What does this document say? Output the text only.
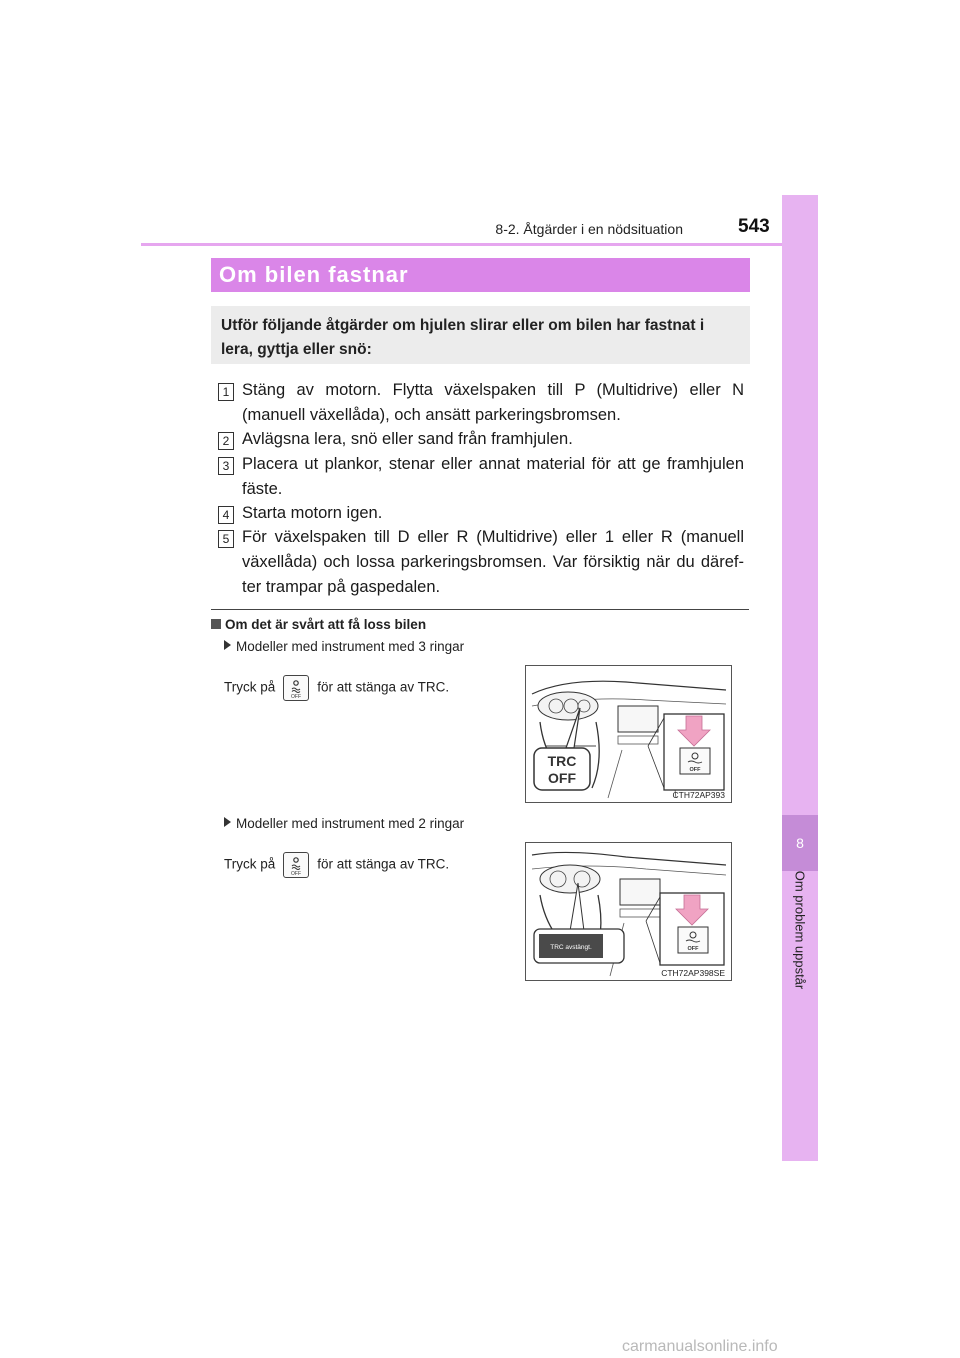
8-2. Åtgärder i en nödsituation	543
8
Om problem uppstår
Om bilen fastnar

Utför följande åtgärder om hjulen slirar eller om bilen har fastnat i lera, gyttja eller snö:

1 Stäng av motorn. Flytta växelspaken till P (Multidrive) eller N (manuell växellåda), och ansätt parkeringsbromsen.
2 Avlägsna lera, snö eller sand från framhjulen.
3 Placera ut plankor, stenar eller annat material för att ge framhjulen fäste.
4 Starta motorn igen.
5 För växelspaken till D eller R (Multidrive) eller 1 eller R (manuell växellåda) och lossa parkeringsbromsen. Var försiktig när du däref-ter trampar på gaspedalen.
Om det är svårt att få loss bilen
Modeller med instrument med 3 ringar
Tryck på
OFF
för att stänga av TRC.
TRC
OFF	OFF
CTH72AP393
Modeller med instrument med 2 ringar
Tryck på
OFF
för att stänga av TRC.
TRC avstängt.	OFF
CTH72AP398SE
carmanualsonline.info
